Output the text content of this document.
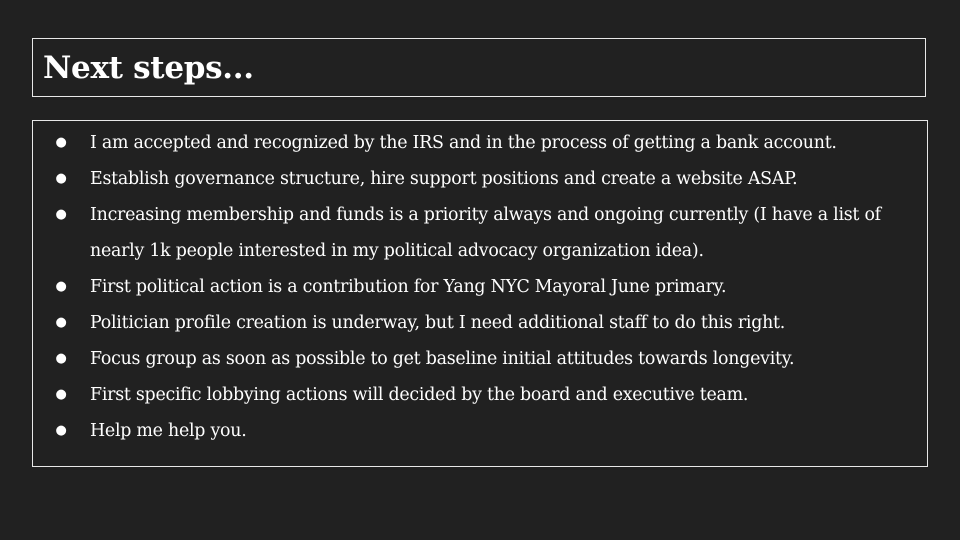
Next steps...
● I am accepted and recognized by the IRS and in the process of getting a bank account.
● Establish governance structure, hire support positions and create a website ASAP.
● Increasing membership and funds is a priority always and ongoing currently (I have a list of nearly 1k people interested in my political advocacy organization idea).
● First political action is a contribution for Yang NYC Mayoral June primary.
● Politician profile creation is underway, but I need additional staff to do this right.
● Focus group as soon as possible to get baseline initial attitudes towards longevity.
● First specific lobbying actions will decided by the board and executive team.
● Help me help you.
